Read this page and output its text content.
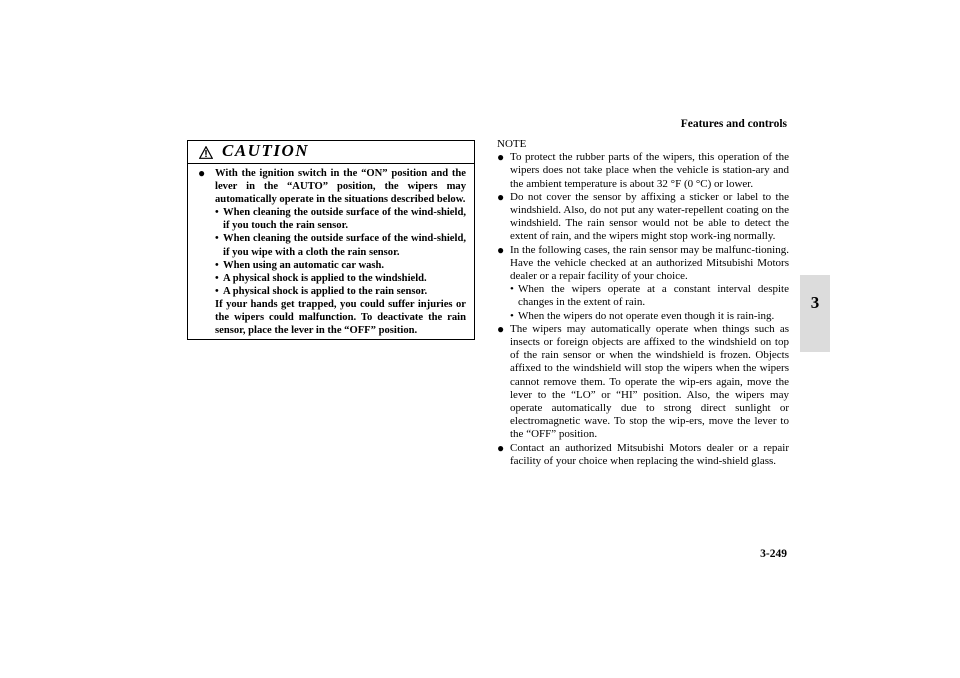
Features and controls
3
CAUTION
● With the ignition switch in the “ON” position and the lever in the “AUTO” position, the wipers may automatically operate in the situations described below.
• When cleaning the outside surface of the wind-shield, if you touch the rain sensor.
• When cleaning the outside surface of the wind-shield, if you wipe with a cloth the rain sensor.
• When using an automatic car wash.
• A physical shock is applied to the windshield.
• A physical shock is applied to the rain sensor.
If your hands get trapped, you could suffer injuries or the wipers could malfunction. To deactivate the rain sensor, place the lever in the “OFF” position.
NOTE
● To protect the rubber parts of the wipers, this operation of the wipers does not take place when the vehicle is station-ary and the ambient temperature is about 32 °F (0 °C) or lower.
● Do not cover the sensor by affixing a sticker or label to the windshield. Also, do not put any water-repellent coating on the windshield. The rain sensor would not be able to detect the extent of rain, and the wipers might stop work-ing normally.
● In the following cases, the rain sensor may be malfunc-tioning. Have the vehicle checked at an authorized Mitsubishi Motors dealer or a repair facility of your choice.
• When the wipers operate at a constant interval despite changes in the extent of rain.
• When the wipers do not operate even though it is rain-ing.
● The wipers may automatically operate when things such as insects or foreign objects are affixed to the windshield on top of the rain sensor or when the windshield is frozen. Objects affixed to the windshield will stop the wipers when the wipers cannot remove them. To operate the wip-ers again, move the lever to the “LO” or “HI” position. Also, the wipers may operate automatically due to strong direct sunlight or electromagnetic wave. To stop the wip-ers, move the lever to the “OFF” position.
● Contact an authorized Mitsubishi Motors dealer or a repair facility of your choice when replacing the wind-shield glass.
3-249
